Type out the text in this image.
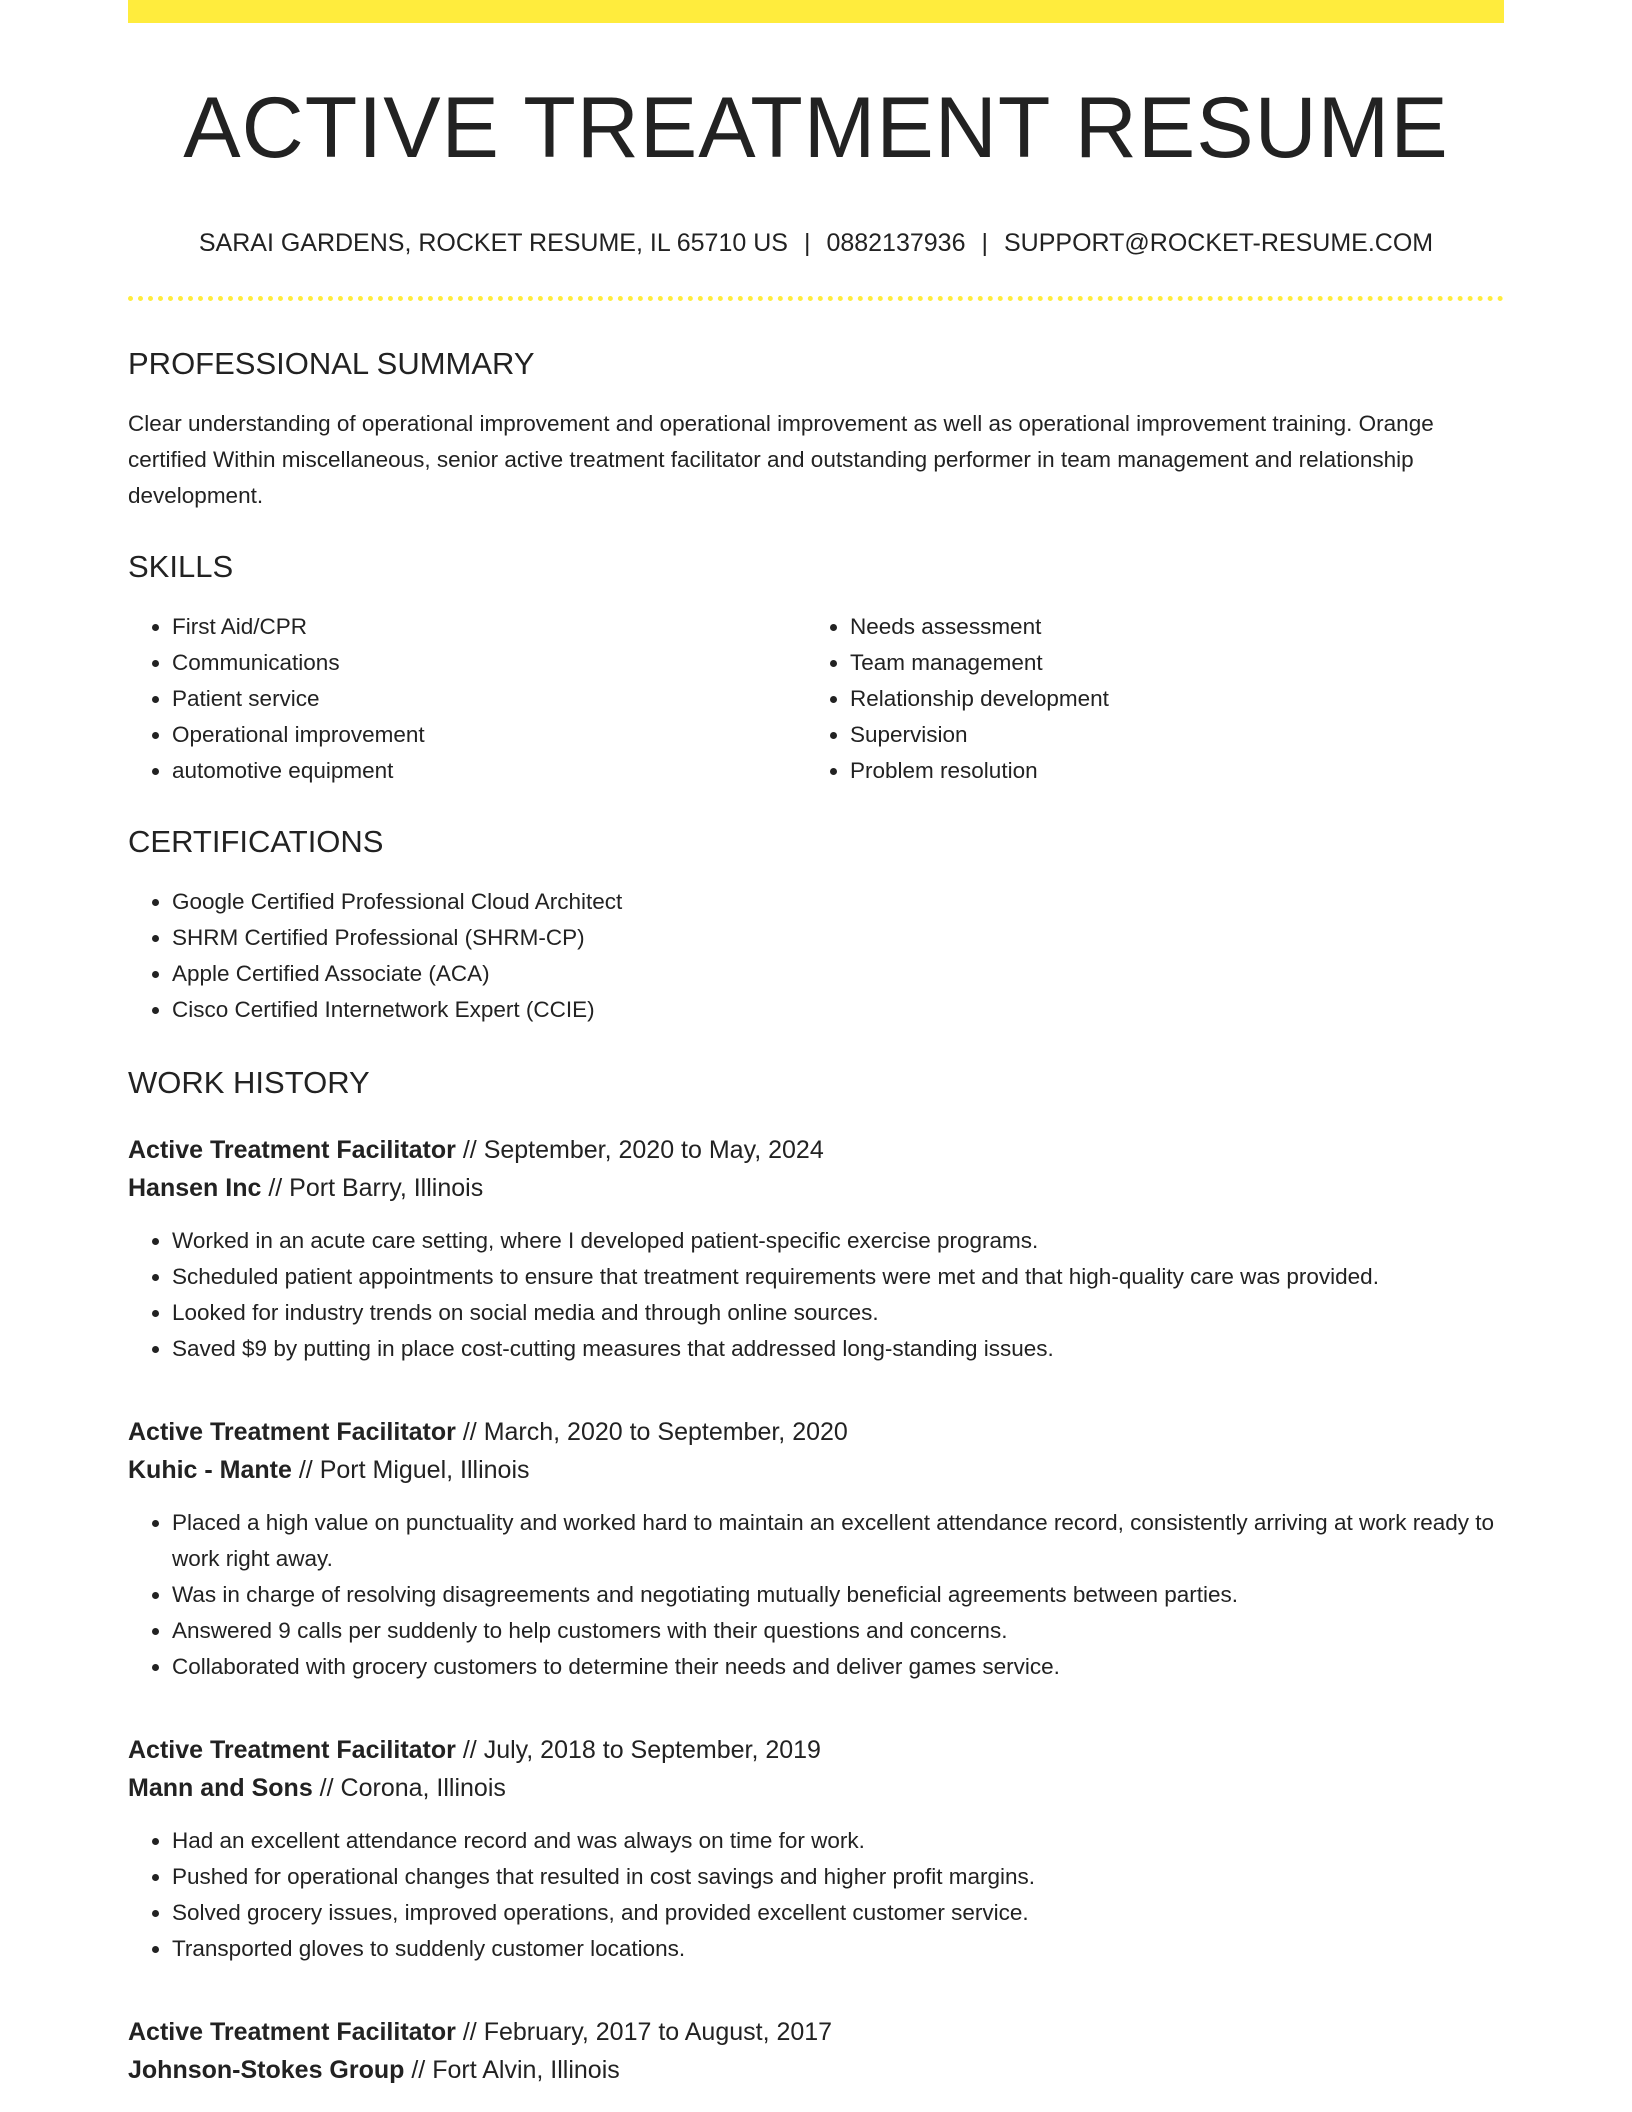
ACTIVE TREATMENT RESUME
SARAI GARDENS, ROCKET RESUME, IL 65710 US | 0882137936 | SUPPORT@ROCKET-RESUME.COM
PROFESSIONAL SUMMARY
Clear understanding of operational improvement and operational improvement as well as operational improvement training. Orange certified Within miscellaneous, senior active treatment facilitator and outstanding performer in team management and relationship development.
SKILLS
• First Aid/CPR
• Communications
• Patient service
• Operational improvement
• automotive equipment
• Needs assessment
• Team management
• Relationship development
• Supervision
• Problem resolution
CERTIFICATIONS
• Google Certified Professional Cloud Architect
• SHRM Certified Professional (SHRM-CP)
• Apple Certified Associate (ACA)
• Cisco Certified Internetwork Expert (CCIE)
WORK HISTORY
Active Treatment Facilitator // September, 2020 to May, 2024
Hansen Inc // Port Barry, Illinois
• Worked in an acute care setting, where I developed patient-specific exercise programs.
• Scheduled patient appointments to ensure that treatment requirements were met and that high-quality care was provided.
• Looked for industry trends on social media and through online sources.
• Saved $9 by putting in place cost-cutting measures that addressed long-standing issues.
Active Treatment Facilitator // March, 2020 to September, 2020
Kuhic - Mante // Port Miguel, Illinois
• Placed a high value on punctuality and worked hard to maintain an excellent attendance record, consistently arriving at work ready to work right away.
• Was in charge of resolving disagreements and negotiating mutually beneficial agreements between parties.
• Answered 9 calls per suddenly to help customers with their questions and concerns.
• Collaborated with grocery customers to determine their needs and deliver games service.
Active Treatment Facilitator // July, 2018 to September, 2019
Mann and Sons // Corona, Illinois
• Had an excellent attendance record and was always on time for work.
• Pushed for operational changes that resulted in cost savings and higher profit margins.
• Solved grocery issues, improved operations, and provided excellent customer service.
• Transported gloves to suddenly customer locations.
Active Treatment Facilitator // February, 2017 to August, 2017
Johnson-Stokes Group // Fort Alvin, Illinois
